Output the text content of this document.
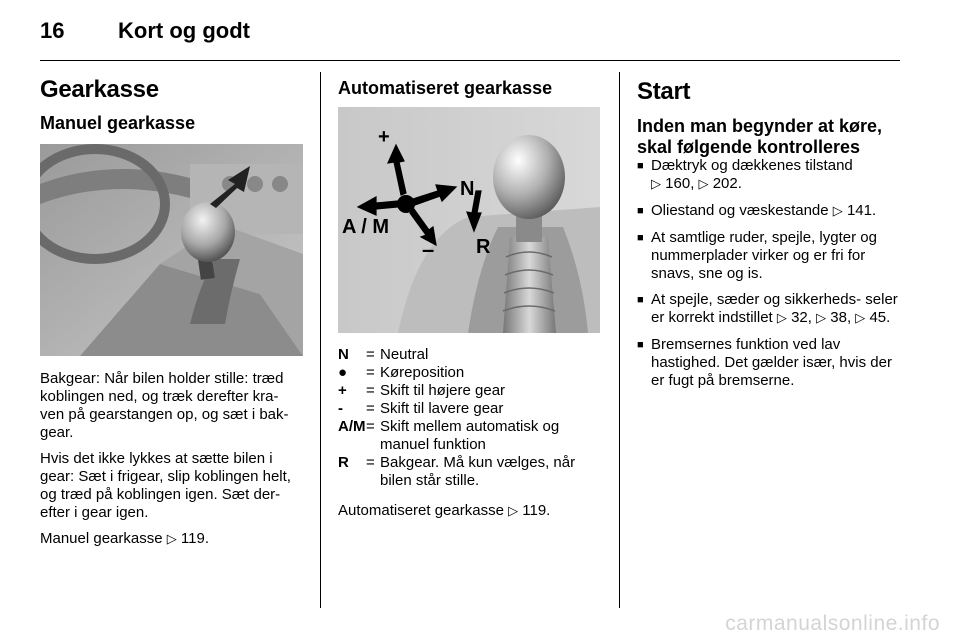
16 Kort og godt
Gearkasse
Manuel gearkasse

Bakgear: Når bilen holder stille: træd koblingen ned, og træk derefter kra- ven på gearstangen op, og sæt i bak- gear.

Hvis det ikke lykkes at sætte bilen i gear: Sæt i frigear, slip koblingen helt, og træd på koblingen igen. Sæt der- efter i gear igen.

Manuel gearkasse ▷ 119.

Automatiseret gearkasse
+
–
N
R
A / M
N	= Neutral
●	= Køreposition
+	= Skift til højere gear
-	= Skift til lavere gear
A/M = Skift mellem automatisk og manuel funktion
R	= Bakgear. Må kun vælges, når bilen står stille.
Automatiseret gearkasse ▷ 119.
Start
Inden man begynder at køre, skal følgende kontrolleres
■ Dæktryk og dækkenes tilstand
▷ 160, ▷ 202.
■ Oliestand og væskestande ▷ 141.
■ At samtlige ruder, spejle, lygter og nummerplader virker og er fri for snavs, sne og is.
■ At spejle, sæder og sikkerheds- seler er korrekt indstillet ▷ 32, ▷ 38, ▷ 45.
■ Bremsernes funktion ved lav hastighed. Det gælder især, hvis der er fugt på bremserne.
carmanualsonline.info
